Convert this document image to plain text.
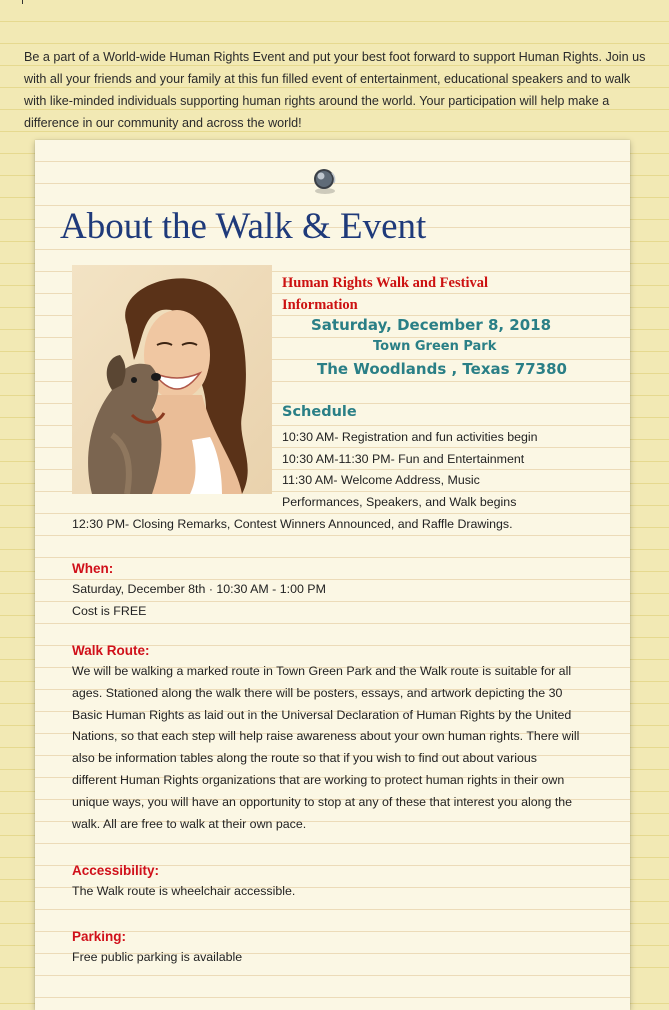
Be a part of a World-wide Human Rights Event and put your best foot forward to support Human Rights. Join us with all your friends and your family at this fun filled event of entertainment, educational speakers and to walk with like-minded individuals supporting human rights around the world. Your participation will help make a difference in our community and across the world!

About the Walk & Event
Human Rights Walk and Festival Information
Saturday, December 8, 2018
Town Green Park
The Woodlands , Texas 77380
Schedule
10:30 AM- Registration and fun activities begin
10:30 AM-11:30 PM- Fun and Entertainment
11:30 AM- Welcome Address, Music Performances, Speakers, and Walk begins
12:30 PM- Closing Remarks, Contest Winners Announced, and Raffle Drawings.
When:
Saturday, December 8th · 10:30 AM - 1:00 PM
Cost is FREE
Walk Route:
We will be walking a marked route in Town Green Park and the Walk route is suitable for all ages. Stationed along the walk there will be posters, essays, and artwork depicting the 30 Basic Human Rights as laid out in the Universal Declaration of Human Rights by the United Nations, so that each step will help raise awareness about your own human rights. There will also be information tables along the route so that if you wish to find out about various different Human Rights organizations that are working to protect human rights in their own unique ways, you will have an opportunity to stop at any of these that interest you along the walk. All are free to walk at their own pace.
Accessibility:
The Walk route is wheelchair accessible.
Parking:
Free public parking is available
